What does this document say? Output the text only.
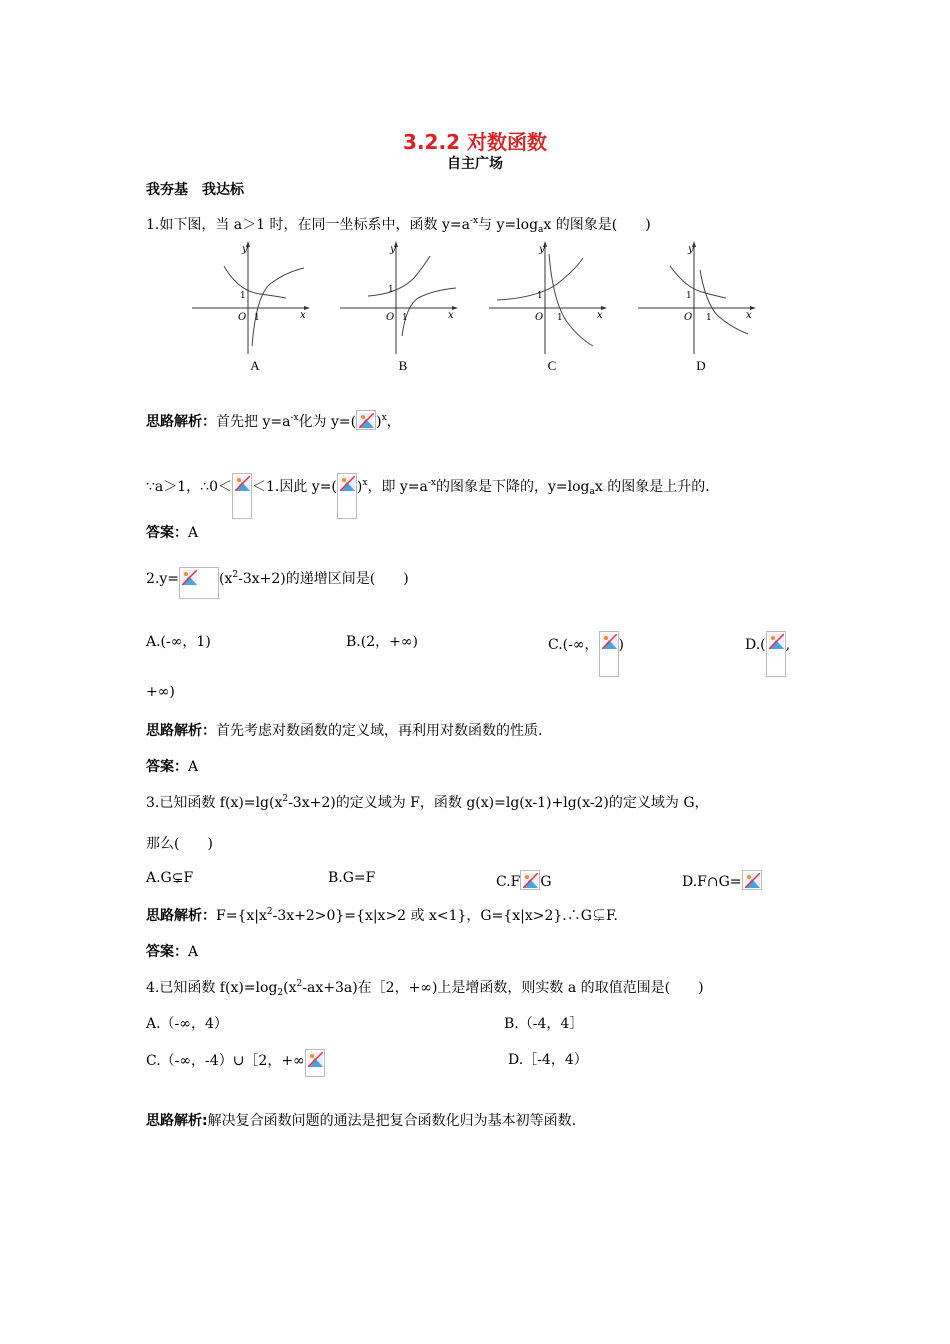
3.2.2 对数函数
自主广场
我夯基　我达标
1.如下图，当 a＞1 时，在同一坐标系中，函数 $y=a^{-x}$与 $y=\log_ax$ 的图象是(　　)
y
x
O 1
1
A
y
x
O 1
1
B
y
x
O 1
1
C
y
x
O 1
1
D
思路解析：首先把 $y=a^{-x}$化为 y=( )$^x$，
∵a＞1，∴0＜ ＜1.因此 y=( )$^x$，即 $y=a^{-x}$的图象是下降的，$y=\log_ax$ 的图象是上升的.
答案：A
2.y=	$(x^2-3x+2)$的递增区间是(　　)
A.(-∞，1)	B.(2，+∞)	C.(-∞， )	D.( ,
+∞)
思路解析：首先考虑对数函数的定义域，再利用对数函数的性质.
答案：A
3.已知函数 $f(x)=\lg(x^2-3x+2)$的定义域为 F，函数 g(x)=lg(x-1)+lg(x-2)的定义域为 G，
那么(　　)
A.G⊊F	B.G=F	C.F G	D.F∩G=
思路解析：$F=\{x|x^2-3x+2>0\}=\{x|x>2$ 或 x<1}，G={x|x>2}.∴G⊊F.
答案：A
4.已知函数 $f(x)=\log_2(x^2-ax+3a)$在［2，+∞)上是增函数，则实数 a 的取值范围是(　　)
A.（-∞，4）	B.（-4，4］
C.（-∞，-4）∪［2，+∞	D.［-4，4）
思路解析:解决复合函数问题的通法是把复合函数化归为基本初等函数.
